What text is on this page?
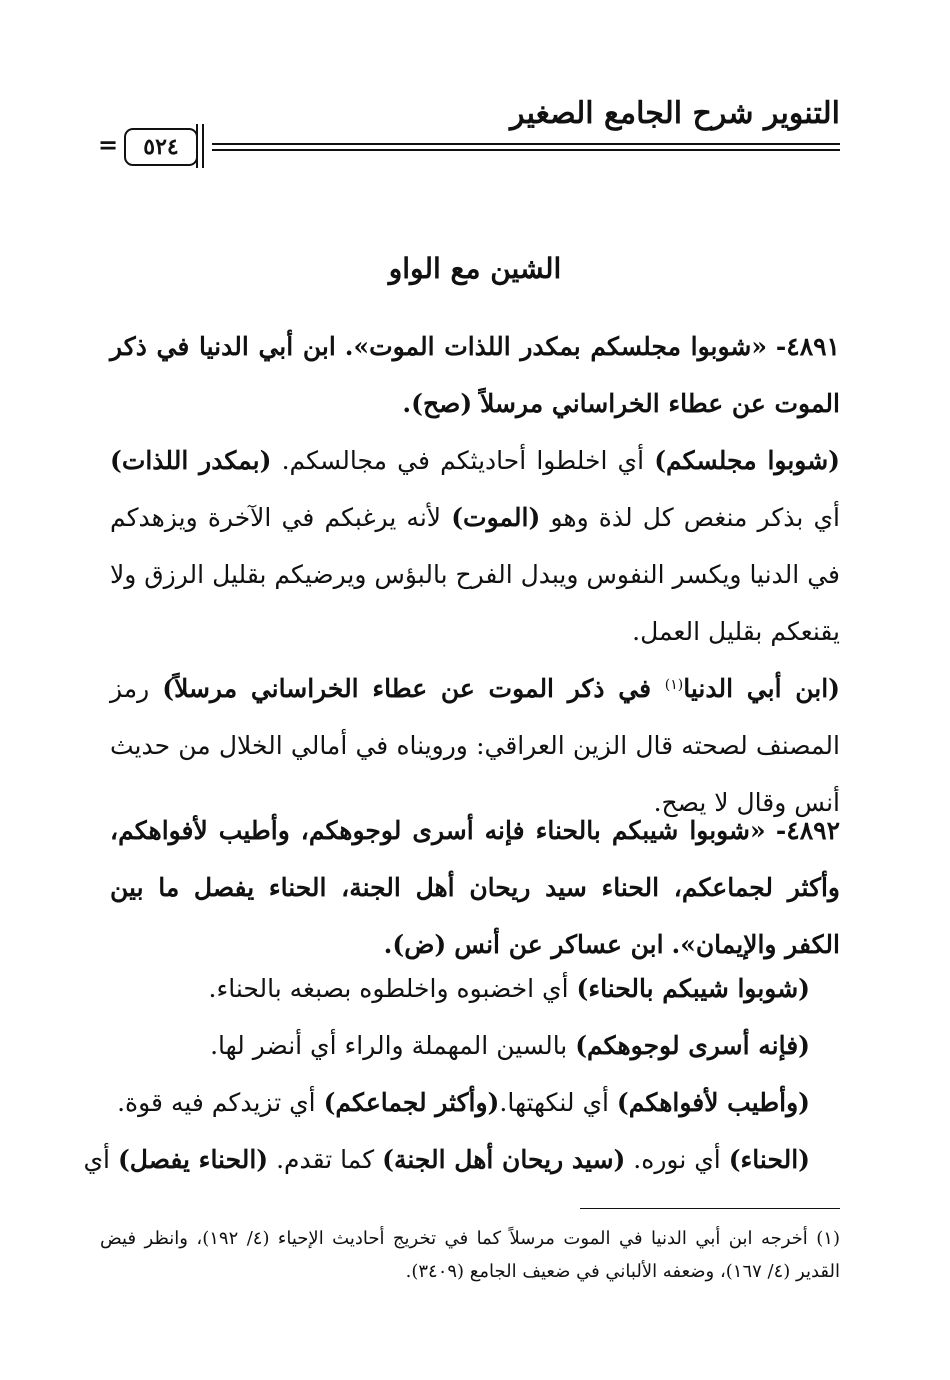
التنوير شرح الجامع الصغير
=	٥٢٤
الشين مع الواو
٤٨٩١- «شوبوا مجلسكم بمكدر اللذات الموت». ابن أبي الدنيا في ذكر الموت عن عطاء الخراساني مرسلاً (صح).
(شوبوا مجلسكم) أي اخلطوا أحاديثكم في مجالسكم. (بمكدر اللذات) أي بذكر منغص كل لذة وهو (الموت) لأنه يرغبكم في الآخرة ويزهدكم في الدنيا ويكسر النفوس ويبدل الفرح بالبؤس ويرضيكم بقليل الرزق ولا يقنعكم بقليل العمل.
(ابن أبي الدنيا$^{(١)}$ في ذكر الموت عن عطاء الخراساني مرسلاً) رمز المصنف لصحته قال الزين العراقي: ورويناه في أمالي الخلال من حديث أنس وقال لا يصح.
٤٨٩٢- «شوبوا شيبكم بالحناء فإنه أسرى لوجوهكم، وأطيب لأفواهكم، وأكثر لجماعكم، الحناء سيد ريحان أهل الجنة، الحناء يفصل ما بين الكفر والإيمان». ابن عساكر عن أنس (ض).
(شوبوا شيبكم بالحناء) أي اخضبوه واخلطوه بصبغه بالحناء.
(فإنه أسرى لوجوهكم) بالسين المهملة والراء أي أنضر لها.
(وأطيب لأفواهكم) أي لنكهتها.(وأكثر لجماعكم) أي تزيدكم فيه قوة.
(الحناء) أي نوره. (سيد ريحان أهل الجنة) كما تقدم. (الحناء يفصل) أي
(١) أخرجه ابن أبي الدنيا في الموت مرسلاً كما في تخريج أحاديث الإحياء (٤/ ١٩٢)، وانظر فيض القدير (٤/ ١٦٧)، وضعفه الألباني في ضعيف الجامع (٣٤٠٩).
